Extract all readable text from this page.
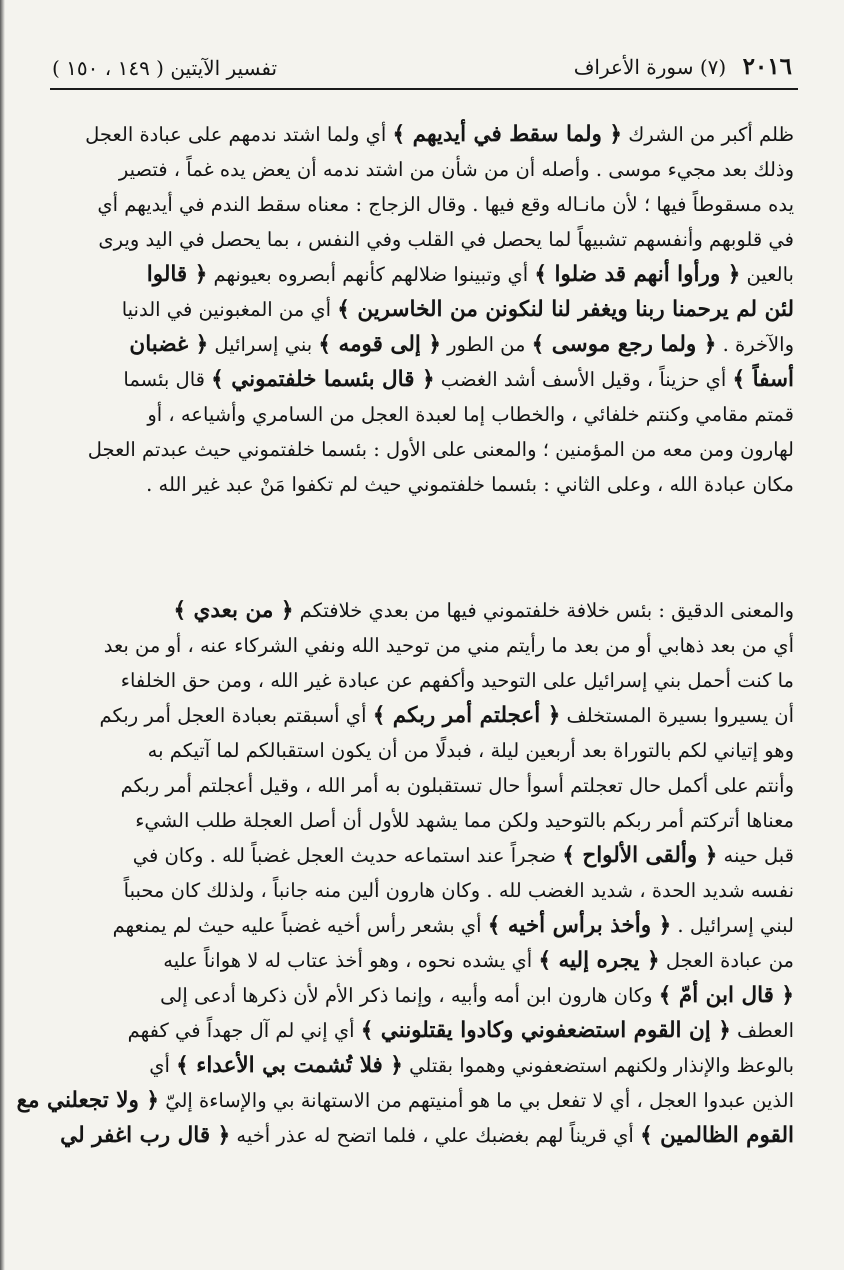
٢٠١٦ (٧) سورة الأعراف
تفسير الآيتين ( ١٤٩ ، ١٥٠ )
ظلم أكبر من الشرك ﴿ ولما سقط في أيديهم ﴾ أي ولما اشتد ندمهم على عبادة العجل
وذلك بعد مجيء موسى . وأصله أن من شأن من اشتد ندمه أن يعض يده غماً ، فتصير
يده مسقوطاً فيها ؛ لأن مانـاله وقع فيها . وقال الزجاج : معناه سقط الندم في أيديهم أي
في قلوبهم وأنفسهم تشبيهاً لما يحصل في القلب وفي النفس ، بما يحصل في اليد ويرى
بالعين ﴿ ورأوا أنهم قد ضلوا ﴾ أي وتبينوا ضلالهم كأنهم أبصروه بعيونهم ﴿ قالوا
لئن لم يرحمنا ربنا ويغفر لنا لنكونن من الخاسرين ﴾ أي من المغبونين في الدنيا
والآخرة . ﴿ ولما رجع موسى ﴾ من الطور ﴿ إلى قومه ﴾ بني إسرائيل ﴿ غضبان
أسفاً ﴾ أي حزيناً ، وقيل الأسف أشد الغضب ﴿ قال بئسما خلفتموني ﴾ قال بئسما
قمتم مقامي وكنتم خلفائي ، والخطاب إما لعبدة العجل من السامري وأشياعه ، أو
لهارون ومن معه من المؤمنين ؛ والمعنى على الأول : بئسما خلفتموني حيث عبدتم العجل
مكان عبادة الله ، وعلى الثاني : بئسما خلفتموني حيث لم تكفوا مَنْ عبد غير الله .
والمعنى الدقيق : بئس خلافة خلفتموني فيها من بعدي خلافتكم ﴿ من بعدي ﴾
أي من بعد ذهابي أو من بعد ما رأيتم مني من توحيد الله ونفي الشركاء عنه ، أو من بعد
ما كنت أحمل بني إسرائيل على التوحيد وأكفهم عن عبادة غير الله ، ومن حق الخلفاء
أن يسيروا بسيرة المستخلف ﴿ أعجلتم أمر ربكم ﴾ أي أسبقتم بعبادة العجل أمر ربكم
وهو إتياني لكم بالتوراة بعد أربعين ليلة ، فبدلًا من أن يكون استقبالكم لما آتيكم به
وأنتم على أكمل حال تعجلتم أسوأ حال تستقبلون به أمر الله ، وقيل أعجلتم أمر ربكم
معناها أتركتم أمر ربكم بالتوحيد ولكن مما يشهد للأول أن أصل العجلة طلب الشيء
قبل حينه ﴿ وألقى الألواح ﴾ ضجراً عند استماعه حديث العجل غضباً لله . وكان في
نفسه شديد الحدة ، شديد الغضب لله . وكان هارون ألين منه جانباً ، ولذلك كان محبباً
لبني إسرائيل . ﴿ وأخذ برأس أخيه ﴾ أي بشعر رأس أخيه غضباً عليه حيث لم يمنعهم
من عبادة العجل ﴿ يجره إليه ﴾ أي يشده نحوه ، وهو أخذ عتاب له لا هواناً عليه
﴿ قال ابن أمّ ﴾ وكان هارون ابن أمه وأبيه ، وإنما ذكر الأم لأن ذكرها أدعى إلى
العطف ﴿ إن القوم استضعفوني وكادوا يقتلونني ﴾ أي إني لم آل جهداً في كفهم
بالوعظ والإنذار ولكنهم استضعفوني وهموا بقتلي ﴿ فلا تُشمت بي الأعداء ﴾ أي
الذين عبدوا العجل ، أي لا تفعل بي ما هو أمنيتهم من الاستهانة بي والإساءة إليّ ﴿ ولا تجعلني مع
القوم الظالمين ﴾ أي قريناً لهم بغضبك علي ، فلما اتضح له عذر أخيه ﴿ قال رب اغفر لي
